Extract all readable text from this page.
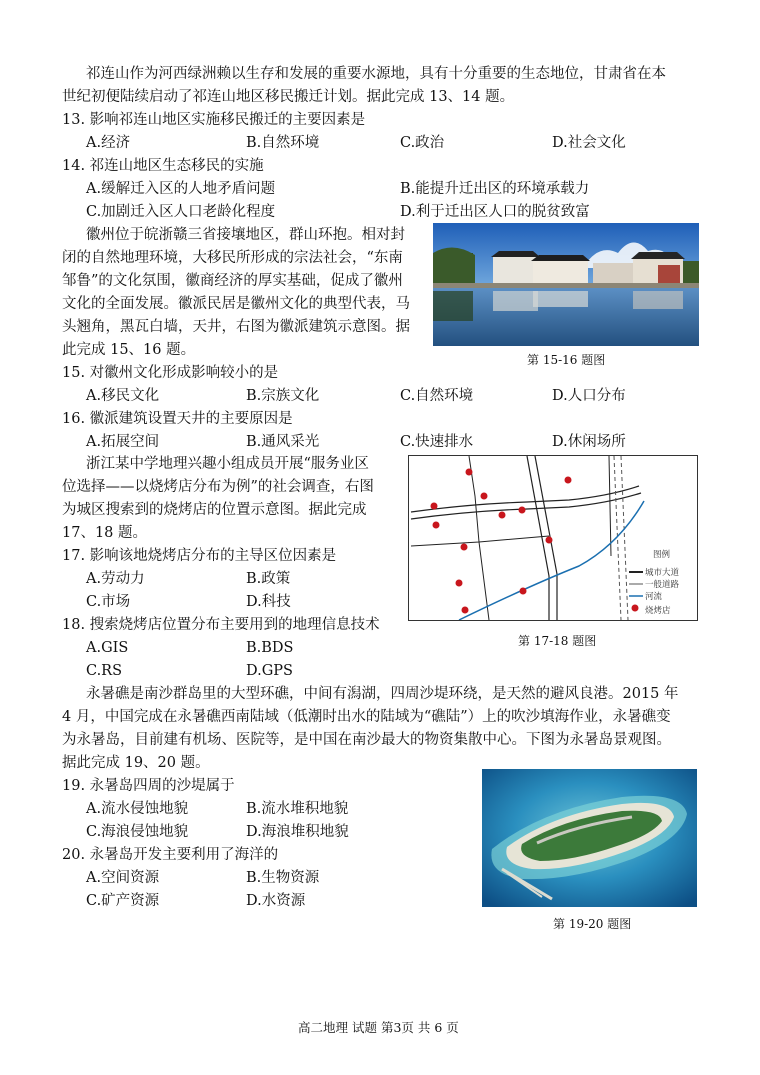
祁连山作为河西绿洲赖以生存和发展的重要水源地，具有十分重要的生态地位，甘肃省在本
世纪初便陆续启动了祁连山地区移民搬迁计划。据此完成 13、14 题。
13. 影响祁连山地区实施移民搬迁的主要因素是
A.经济	B.自然环境	C.政治	D.社会文化
14. 祁连山地区生态移民的实施
A.缓解迁入区的人地矛盾问题	B.能提升迁出区的环境承载力
C.加剧迁入区人口老龄化程度	D.利于迁出区人口的脱贫致富
徽州位于皖浙赣三省接壤地区，群山环抱。相对封
闭的自然地理环境，大移民所形成的宗法社会，“东南
邹鲁”的文化氛围，徽商经济的厚实基础，促成了徽州
文化的全面发展。徽派民居是徽州文化的典型代表，马
头翘角，黑瓦白墙，天井，右图为徽派建筑示意图。据
此完成 15、16 题。
第 15-16 题图
15. 对徽州文化形成影响较小的是
A.移民文化	B.宗族文化	C.自然环境	D.人口分布
16. 徽派建筑设置天井的主要原因是
A.拓展空间	B.通风采光	C.快速排水	D.休闲场所
浙江某中学地理兴趣小组成员开展“服务业区
位选择——以烧烤店分布为例”的社会调查，右图
为城区搜索到的烧烤店的位置示意图。据此完成
17、18 题。
图例
城市大道
一般道路
河流
烧烤店
第 17-18 题图
17. 影响该地烧烤店分布的主导区位因素是
A.劳动力	B.政策
C.市场	D.科技
18. 搜索烧烤店位置分布主要用到的地理信息技术
A.GIS	B.BDS
C.RS	D.GPS
永暑礁是南沙群岛里的大型环礁，中间有潟湖，四周沙堤环绕，是天然的避风良港。2015 年
4 月，中国完成在永暑礁西南陆域（低潮时出水的陆域为“礁陆”）上的吹沙填海作业，永暑礁变
为永暑岛，目前建有机场、医院等，是中国在南沙最大的物资集散中心。下图为永暑岛景观图。
据此完成 19、20 题。
第 19-20 题图
19. 永暑岛四周的沙堤属于
A.流水侵蚀地貌	B.流水堆积地貌
C.海浪侵蚀地貌	D.海浪堆积地貌
20. 永暑岛开发主要利用了海洋的
A.空间资源	B.生物资源
C.矿产资源	D.水资源
高二地理 试题 第3页 共 6 页
